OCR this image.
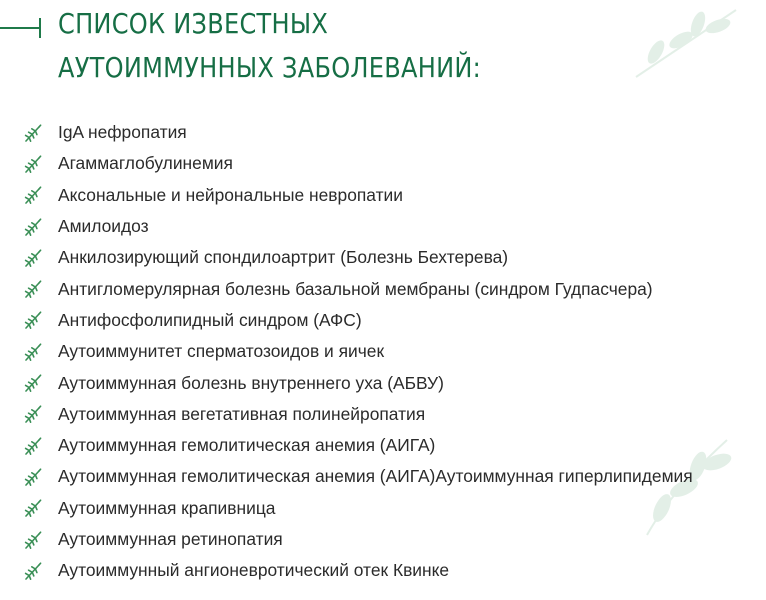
СПИСОК ИЗВЕСТНЫХ
АУТОИММУННЫХ ЗАБОЛЕВАНИЙ:
IgA нефропатия
Агаммаглобулинемия
Аксональные и нейрональные невропатии
Амилоидоз
Анкилозирующий спондилоартрит (Болезнь Бехтерева)
Антигломерулярная болезнь базальной мембраны (синдром Гудпасчера)
Антифосфолипидный синдром (АФС)
Аутоиммунитет сперматозоидов и яичек
Аутоиммунная болезнь внутреннего уха (АБВУ)
Аутоиммунная вегетативная полинейропатия
Аутоиммунная гемолитическая анемия (АИГА)
Аутоиммунная гемолитическая анемия (АИГА)Аутоиммунная гиперлипидемия
Аутоиммунная крапивница
Аутоиммунная ретинопатия
Аутоиммунный ангионевротический отек Квинке
